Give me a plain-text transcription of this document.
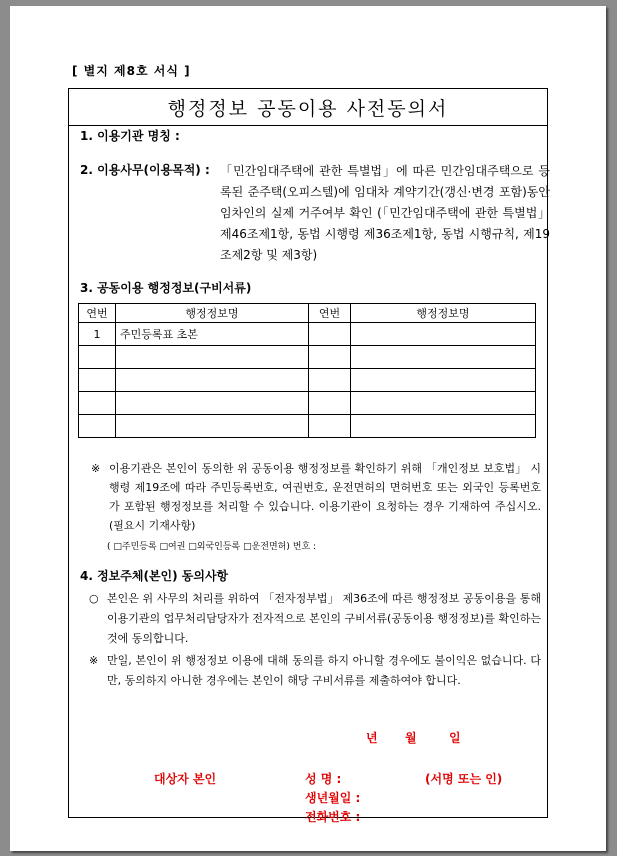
[ 별지 제8호 서식 ]
행정정보 공동이용 사전동의서
1. 이용기관 명칭 :
2. 이용사무(이용목적) : 「민간임대주택에 관한 특별법」에 따른 민간임대주택으로 등록된 준주택(오피스텔)에 임대차 계약기간(갱신·변경 포함)동안 임차인의 실제 거주여부 확인 (「민간임대주택에 관한 특별법」 제46조제1항, 동법 시행령 제36조제1항, 동법 시행규칙, 제19조제2항 및 제3항)
3. 공동이용 행정정보(구비서류)
연번	행정정보명	연번	행정정보명
1	주민등록표 초본		

※ 이용기관은 본인이 동의한 위 공동이용 행정정보를 확인하기 위해 「개인정보 보호법」 시행령 제19조에 따라 주민등록번호, 여권번호, 운전면허의 면허번호 또는 외국인 등록번호가 포함된 행정정보를 처리할 수 있습니다. 이용기관이 요청하는 경우 기재하여 주십시오.(필요시 기재사항)
( □주민등록 □여권 □외국인등록 □운전면허) 번호 :
4. 정보주체(본인) 동의사항
○ 본인은 위 사무의 처리를 위하여 「전자정부법」 제36조에 따른 행정정보 공동이용을 통해 이용기관의 업무처리담당자가 전자적으로 본인의 구비서류(공동이용 행정정보)를 확인하는 것에 동의합니다.
※ 만일, 본인이 위 행정정보 이용에 대해 동의를 하지 아니할 경우에도 불이익은 없습니다. 다만, 동의하지 아니한 경우에는 본인이 해당 구비서류를 제출하여야 합니다.
년 월	일
대상자 본인	성 명 :	(서명 또는 인)
생년월일 :
전화번호 :
